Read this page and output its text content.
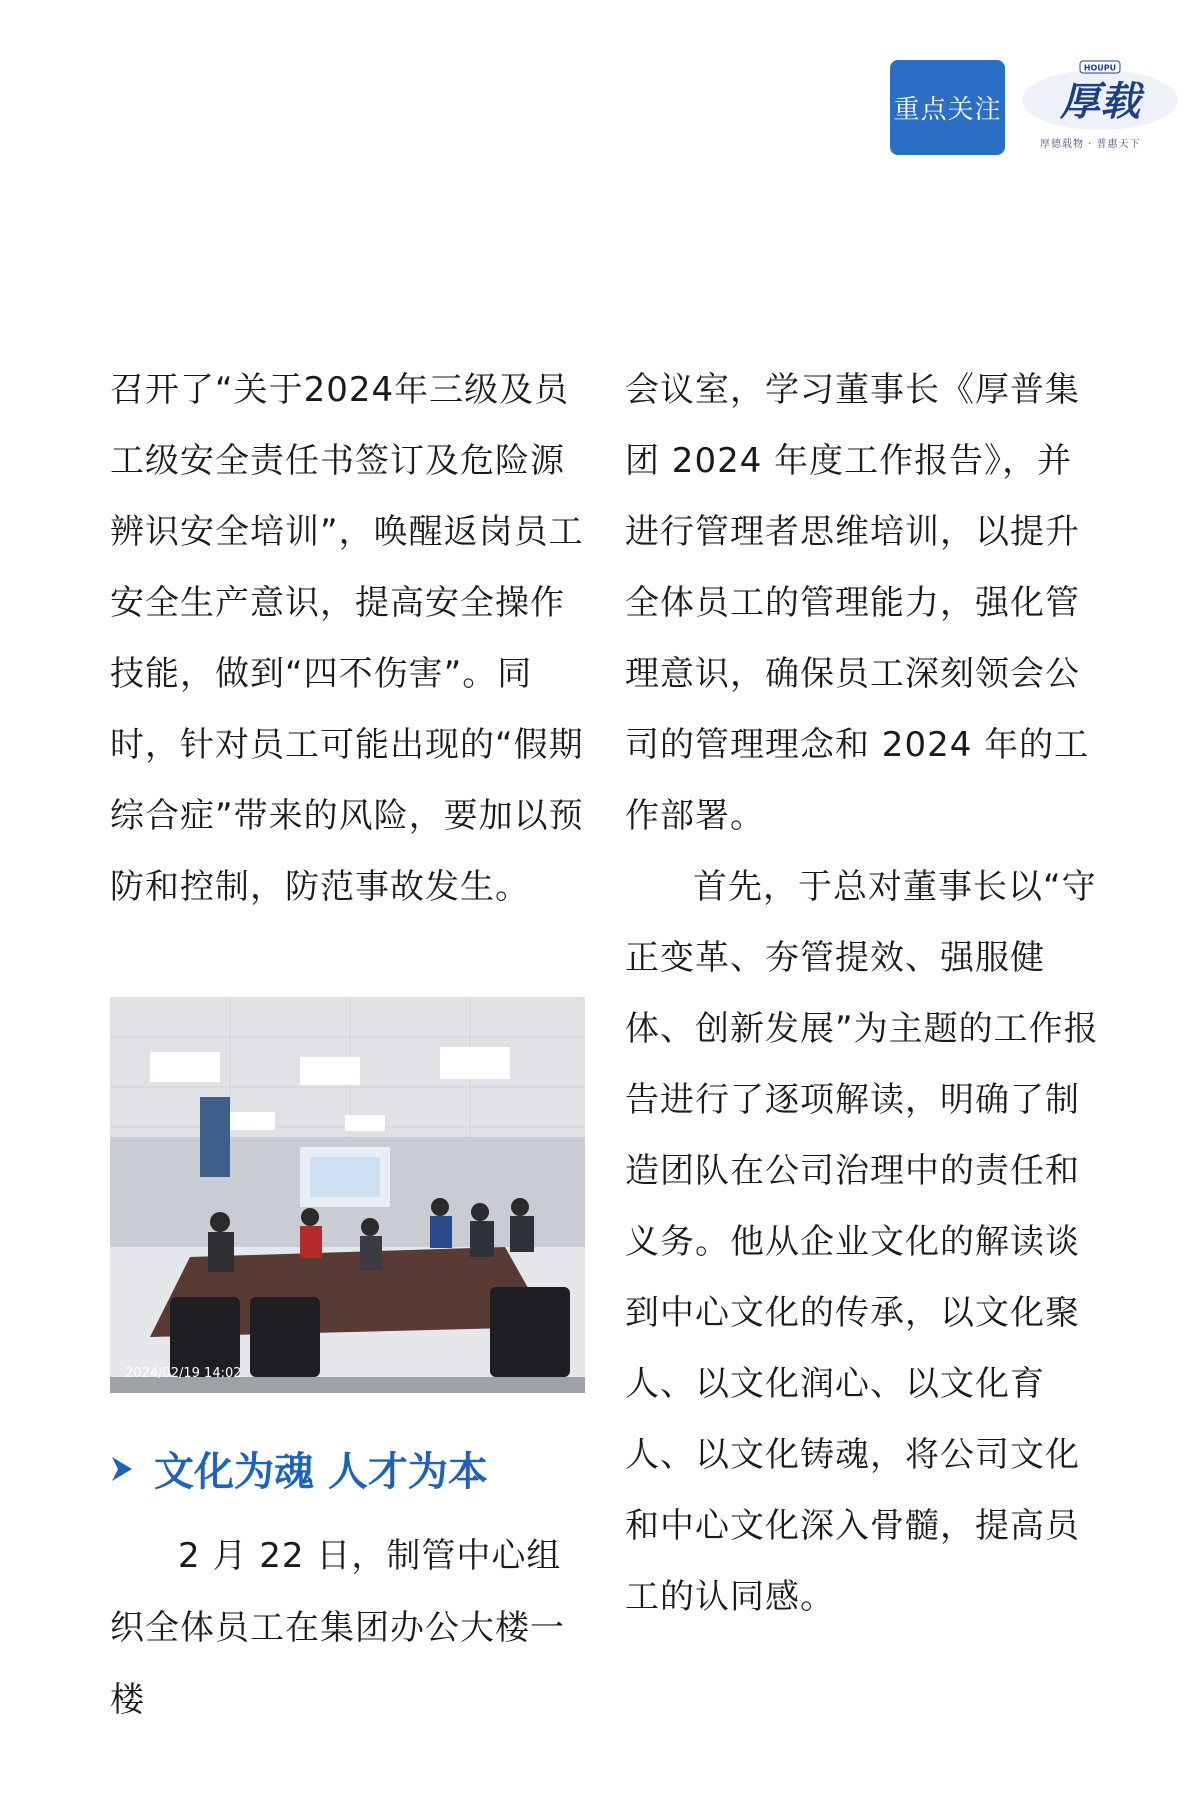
重点关注
HOUPU
厚载
厚德载物 · 普惠天下

召开了“关于2024年三级及员工级安全责任书签订及危险源辨识安全培训”，唤醒返岗员工安全生产意识，提高安全操作技能，做到“四不伤害”。同时，针对员工可能出现的“假期综合症”带来的风险，要加以预防和控制，防范事故发生。

2024/02/19 14:02
文化为魂 人才为本

2 月 22 日，制管中心组织全体员工在集团办公大楼一楼

会议室，学习董事长《厚普集团 2024 年度工作报告》，并进行管理者思维培训，以提升全体员工的管理能力，强化管理意识，确保员工深刻领会公司的管理理念和 2024 年的工作部署。

首先，于总对董事长以“守正变革、夯管提效、强服健体、创新发展”为主题的工作报告进行了逐项解读，明确了制造团队在公司治理中的责任和义务。他从企业文化的解读谈到中心文化的传承，以文化聚人、以文化润心、以文化育人、以文化铸魂，将公司文化和中心文化深入骨髓，提高员工的认同感。
